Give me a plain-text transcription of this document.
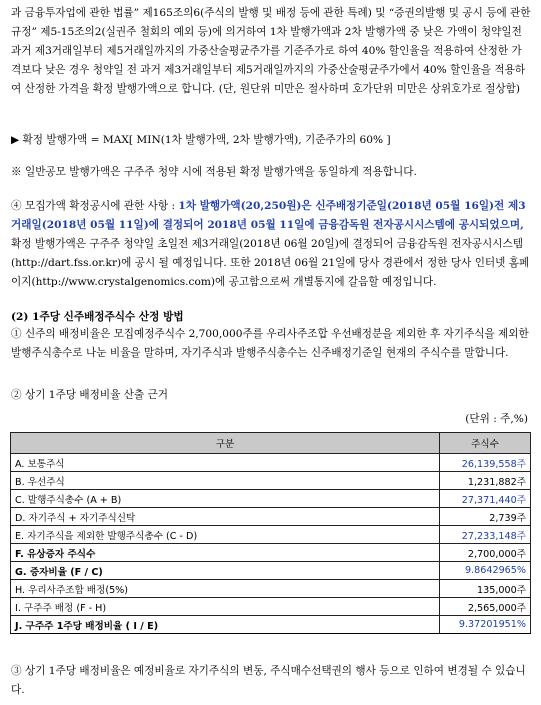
과 금융투자업에 관한 법률” 제165조의6(주식의 발행 및 배정 등에 관한 특례) 및 “증권의발행 및 공시 등에 관한 규정” 제5-15조의2(실권주 철회의 예외 등)에 의거하여 1차 발행가액과 2차 발행가액 중 낮은 가액이 청약일전 과거 제3거래일부터 제5거래일까지의 가중산술평균주가를 기준주가로 하여 40% 할인율을 적용하여 산정한 가격보다 낮은 경우 청약일 전 과거 제3거래일부터 제5거래일까지의 가중산술평균주가에서 40% 할인율을 적용하여 산정한 가격을 확정 발행가액으로 합니다. (단, 원단위 미만은 절사하며 호가단위 미만은 상위호가로 절상함)

▶ 확정 발행가액 = MAX[ MIN(1차 발행가액, 2차 발행가액), 기준주가의 60% ]

※ 일반공모 발행가액은 구주주 청약 시에 적용된 확정 발행가액을 동일하게 적용합니다.

④ 모집가액 확정공시에 관한 사항 : 1차 발행가액(20,250원)은 신주배정기준일(2018년 05월 16일)전 제3거래일(2018년 05월 11일)에 결정되어 2018년 05월 11일에 금융감독원 전자공시시스템에 공시되었으며, 확정 발행가액은 구주주 청약일 초일전 제3거래일(2018년 06월 20일)에 결정되어 금융감독원 전자공시시스템(http://dart.fss.or.kr)에 공시 될 예정입니다. 또한 2018년 06월 21일에 당사 경관에서 정한 당사 인터넷 홈페이지(http://www.crystalgenomics.com)에 공고함으로써 개별통지에 갈음할 예정입니다.

(2) 1주당 신주배정주식수 산정 방법

① 신주의 배정비율은 모집예정주식수 2,700,000주를 우리사주조합 우선배정분을 제외한 후 자기주식을 제외한 발행주식총수로 나눈 비율을 말하며, 자기주식과 발행주식총수는 신주배정기준일 현재의 주식수를 말합니다.

② 상기 1주당 배정비율 산출 근거

(단위 : 주,%)
구분	주식수
A. 보통주식	26,139,558주
B. 우선주식	1,231,882주
C. 발행주식총수 (A + B)	27,371,440주
D. 자기주식 + 자기주식신탁	2,739주
E. 자기주식을 제외한 발행주식총수 (C - D)	27,233,148주
F. 유상증자 주식수	2,700,000주
G. 증자비율 (F / C)	9.8642965%
H. 우리사주조합 배정(5%)	135,000주
I. 구주주 배정 (F - H)	2,565,000주
J. 구주주 1주당 배정비율 ( I / E)	9.37201951%

③ 상기 1주당 배정비율은 예정비율로 자기주식의 변동, 주식매수선택권의 행사 등으로 인하여 변경될 수 있습니다.
